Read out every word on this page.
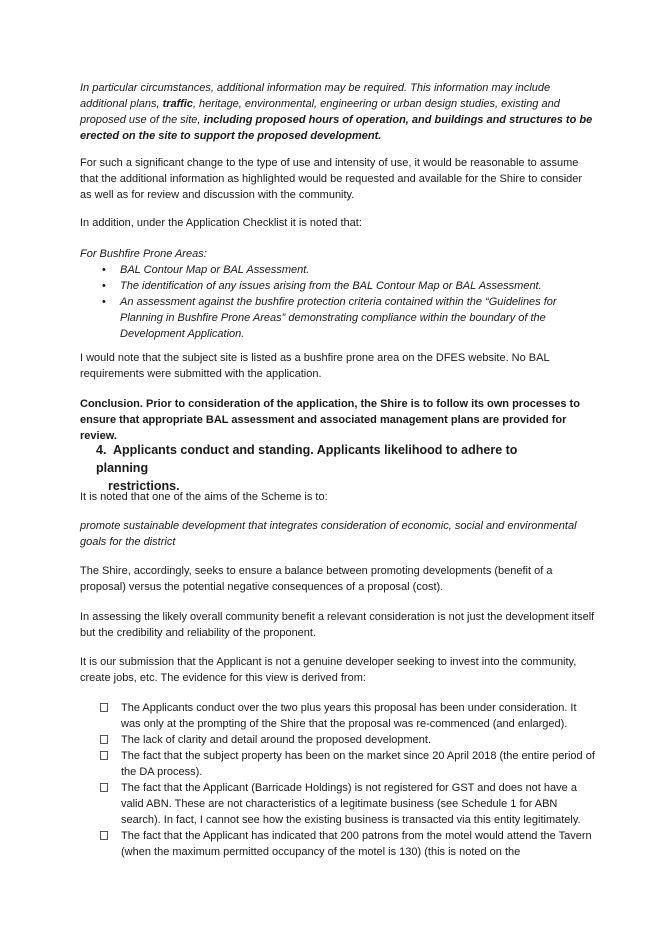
In particular circumstances, additional information may be required. This information may include additional plans, traffic, heritage, environmental, engineering or urban design studies, existing and proposed use of the site, including proposed hours of operation, and buildings and structures to be erected on the site to support the proposed development.

For such a significant change to the type of use and intensity of use, it would be reasonable to assume that the additional information as highlighted would be requested and available for the Shire to consider as well as for review and discussion with the community.

In addition, under the Application Checklist it is noted that:

For Bushfire Prone Areas:

• BAL Contour Map or BAL Assessment.
• The identification of any issues arising from the BAL Contour Map or BAL Assessment.
• An assessment against the bushfire protection criteria contained within the “Guidelines for Planning in Bushfire Prone Areas” demonstrating compliance within the boundary of the Development Application.

I would note that the subject site is listed as a bushfire prone area on the DFES website. No BAL requirements were submitted with the application.

Conclusion. Prior to consideration of the application, the Shire is to follow its own processes to ensure that appropriate BAL assessment and associated management plans are provided for review.

4. Applicants conduct and standing. Applicants likelihood to adhere to planning
restrictions.

It is noted that one of the aims of the Scheme is to:

promote sustainable development that integrates consideration of economic, social and environmental goals for the district

The Shire, accordingly, seeks to ensure a balance between promoting developments (benefit of a proposal) versus the potential negative consequences of a proposal (cost).

In assessing the likely overall community benefit a relevant consideration is not just the development itself but the credibility and reliability of the proponent.

It is our submission that the Applicant is not a genuine developer seeking to invest into the community, create jobs, etc. The evidence for this view is derived from:

The Applicants conduct over the two plus years this proposal has been under consideration. It was only at the prompting of the Shire that the proposal was re-commenced (and enlarged).
The lack of clarity and detail around the proposed development.
The fact that the subject property has been on the market since 20 April 2018 (the entire period of the DA process).
The fact that the Applicant (Barricade Holdings) is not registered for GST and does not have a valid ABN. These are not characteristics of a legitimate business (see Schedule 1 for ABN search). In fact, I cannot see how the existing business is transacted via this entity legitimately.
The fact that the Applicant has indicated that 200 patrons from the motel would attend the Tavern (when the maximum permitted occupancy of the motel is 130) (this is noted on the
